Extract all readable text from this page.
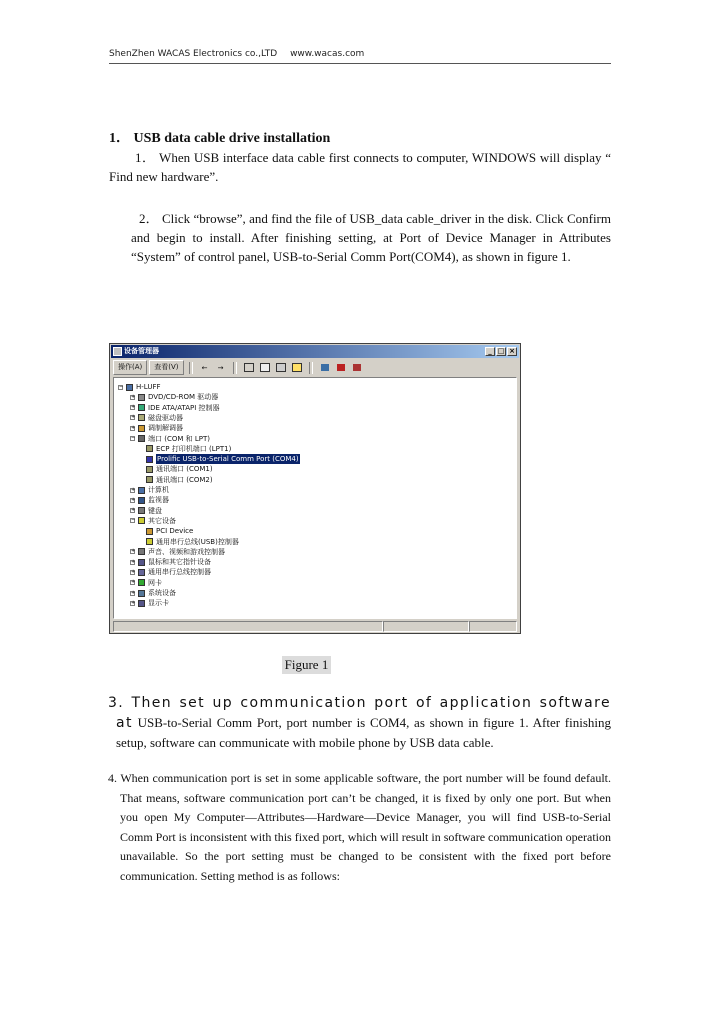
ShenZhen WACAS Electronics co.,LTD www.wacas.com
1． USB data cable drive installation
1． When USB interface data cable first connects to computer, WINDOWS will display “ Find new hardware”.
2． Click “browse”, and find the file of USB_data cable_driver in the disk. Click Confirm and begin to install. After finishing setting, at Port of Device Manager in Attributes “System” of control panel, USB-to-Serial Comm Port(COM4), as shown in figure 1.
设备管理器	_ □ ×
操作(A)	查看(V)	← →
− H-LUFF
+ DVD/CD-ROM 驱动器
+ IDE ATA/ATAPI 控制器
+ 磁盘驱动器
+ 调制解调器
− 端口 (COM 和 LPT)
ECP 打印机端口 (LPT1)
Prolific USB-to-Serial Comm Port (COM4)
通讯端口 (COM1)
通讯端口 (COM2)
+ 计算机
+ 监视器
+ 键盘
− 其它设备
PCI Device
通用串行总线(USB)控制器
+ 声音、视频和游戏控制器
+ 鼠标和其它指针设备
+ 通用串行总线控制器
+ 网卡
+ 系统设备
+ 显示卡
Figure 1
3. Then set up communication port of application software at USB-to-Serial Comm Port, port number is COM4, as shown in figure 1. After finishing setup, software can communicate with mobile phone by USB data cable.
4. When communication port is set in some applicable software, the port number will be found default. That means, software communication port can’t be changed, it is fixed by only one port. But when you open My Computer—Attributes—Hardware—Device Manager, you will find USB-to-Serial Comm Port is inconsistent with this fixed port, which will result in software communication operation unavailable. So the port setting must be changed to be consistent with the fixed port before communication. Setting method is as follows:
